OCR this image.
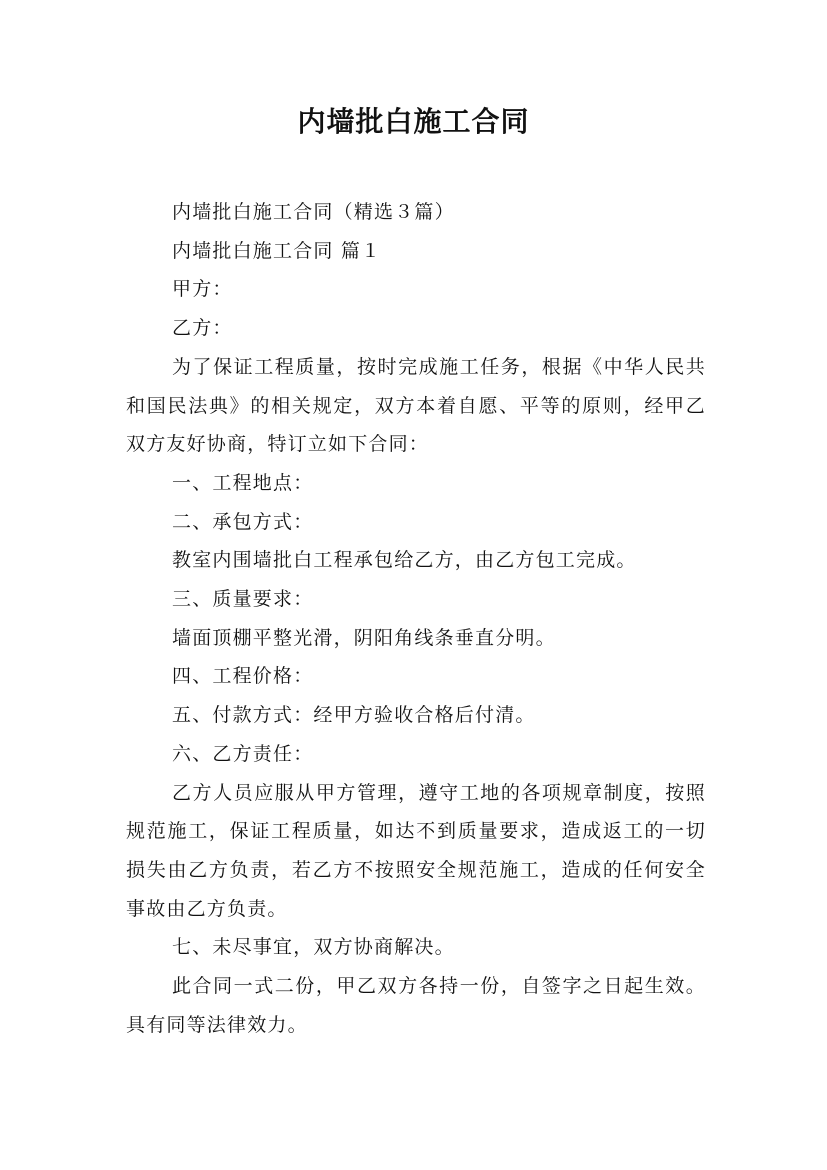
内墙批白施工合同

内墙批白施工合同（精选３篇）

内墙批白施工合同 篇１

甲方：

乙方：

为了保证工程质量，按时完成施工任务，根据《中华人民共和国民法典》的相关规定，双方本着自愿、平等的原则，经甲乙双方友好协商，特订立如下合同：

一、工程地点：

二、承包方式：

教室内围墙批白工程承包给乙方，由乙方包工完成。

三、质量要求：

墙面顶棚平整光滑，阴阳角线条垂直分明。

四、工程价格：

五、付款方式：经甲方验收合格后付清。

六、乙方责任：

乙方人员应服从甲方管理，遵守工地的各项规章制度，按照规范施工，保证工程质量，如达不到质量要求，造成返工的一切损失由乙方负责，若乙方不按照安全规范施工，造成的任何安全事故由乙方负责。

七、未尽事宜，双方协商解决。

此合同一式二份，甲乙双方各持一份，自签字之日起生效。具有同等法律效力。
